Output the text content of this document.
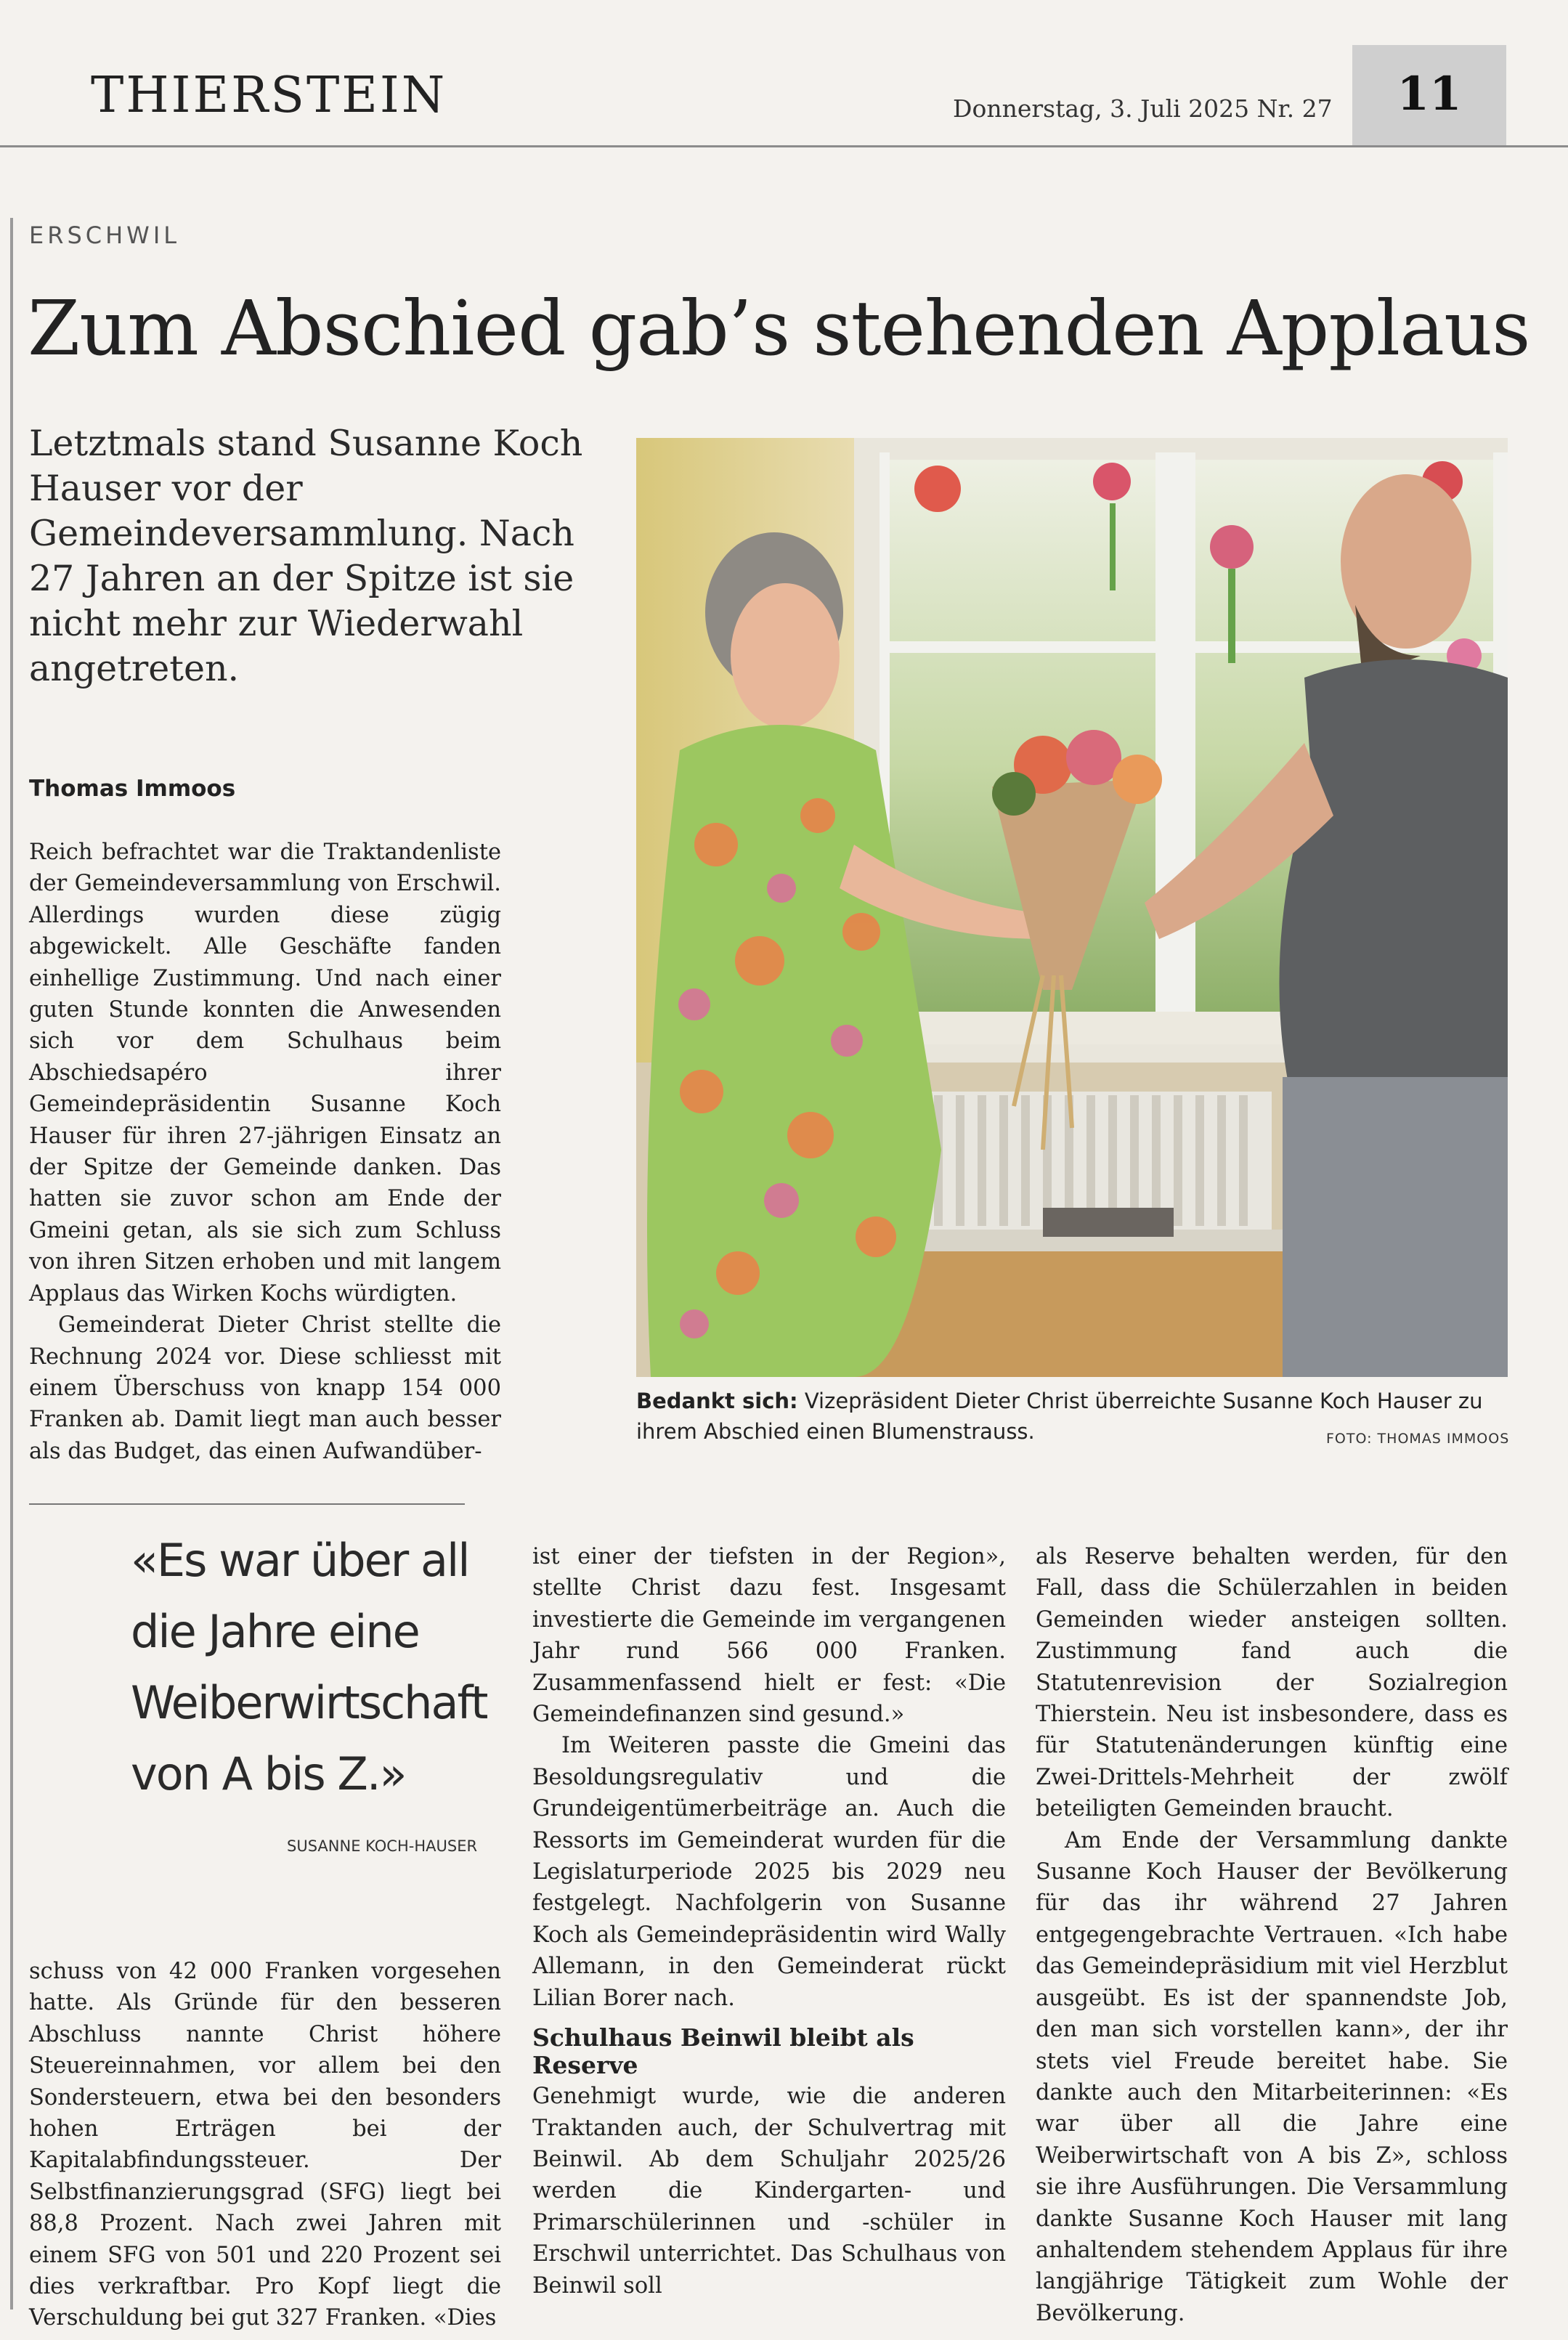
THIERSTEIN	Donnerstag, 3. Juli 2025 Nr. 27	11
ERSCHWIL
Zum Abschied gab’s stehenden Applaus
Letztmals stand Susanne Koch Hauser vor der Gemeindeversammlung. Nach 27 Jahren an der Spitze ist sie nicht mehr zur Wiederwahl angetreten.
Thomas Immoos

Reich befrachtet war die Traktandenliste der Gemeindeversammlung von Erschwil. Allerdings wurden diese zügig abgewickelt. Alle Geschäfte fanden einhellige Zustimmung. Und nach einer guten Stunde konnten die Anwesenden sich vor dem Schulhaus beim Abschiedsapéro ihrer Gemeindepräsidentin Susanne Koch Hauser für ihren 27-jährigen Einsatz an der Spitze der Gemeinde danken. Das hatten sie zuvor schon am Ende der Gmeini getan, als sie sich zum Schluss von ihren Sitzen erhoben und mit langem Applaus das Wirken Kochs würdigten.

Gemeinderat Dieter Christ stellte die Rechnung 2024 vor. Diese schliesst mit einem Überschuss von knapp 154 000 Franken ab. Damit liegt man auch besser als das Budget, das einen Aufwandüber-

«Es war über all die Jahre eine Weiberwirtschaft von A bis Z.»
SUSANNE KOCH-HAUSER

schuss von 42 000 Franken vorgesehen hatte. Als Gründe für den besseren Abschluss nannte Christ höhere Steuereinnahmen, vor allem bei den Sondersteuern, etwa bei den besonders hohen Erträgen bei der Kapitalabfindungssteuer. Der Selbstfinanzierungsgrad (SFG) liegt bei 88,8 Prozent. Nach zwei Jahren mit einem SFG von 501 und 220 Prozent sei dies verkraftbar. Pro Kopf liegt die Verschuldung bei gut 327 Franken. «Dies

ist einer der tiefsten in der Region», stellte Christ dazu fest. Insgesamt investierte die Gemeinde im vergangenen Jahr rund 566 000 Franken. Zusammenfassend hielt er fest: «Die Gemeindefinanzen sind gesund.»

Im Weiteren passte die Gmeini das Besoldungsregulativ und die Grundeigentümerbeiträge an. Auch die Ressorts im Gemeinderat wurden für die Legislaturperiode 2025 bis 2029 neu festgelegt. Nachfolgerin von Susanne Koch als Gemeindepräsidentin wird Wally Allemann, in den Gemeinderat rückt Lilian Borer nach.

Schulhaus Beinwil bleibt als Reserve

Genehmigt wurde, wie die anderen Traktanden auch, der Schulvertrag mit Beinwil. Ab dem Schuljahr 2025/26 werden die Kindergarten- und Primarschülerinnen und -schüler in Erschwil unterrichtet. Das Schulhaus von Beinwil soll

als Reserve behalten werden, für den Fall, dass die Schülerzahlen in beiden Gemeinden wieder ansteigen sollten. Zustimmung fand auch die Statutenrevision der Sozialregion Thierstein. Neu ist insbesondere, dass es für Statutenänderungen künftig eine Zwei-Drittels-Mehrheit der zwölf beteiligten Gemeinden braucht.

Am Ende der Versammlung dankte Susanne Koch Hauser der Bevölkerung für das ihr während 27 Jahren entgegengebrachte Vertrauen. «Ich habe das Gemeindepräsidium mit viel Herzblut ausgeübt. Es ist der spannendste Job, den man sich vorstellen kann», der ihr stets viel Freude bereitet habe. Sie dankte auch den Mitarbeiterinnen: «Es war über all die Jahre eine Weiberwirtschaft von A bis Z», schloss sie ihre Ausführungen. Die Versammlung dankte Susanne Koch Hauser mit lang anhaltendem stehendem Applaus für ihre langjährige Tätigkeit zum Wohle der Bevölkerung.

Bedankt sich: Vizepräsident Dieter Christ überreichte Susanne Koch Hauser zu ihrem Abschied einen Blumenstrauss.	FOTO: THOMAS IMMOOS
